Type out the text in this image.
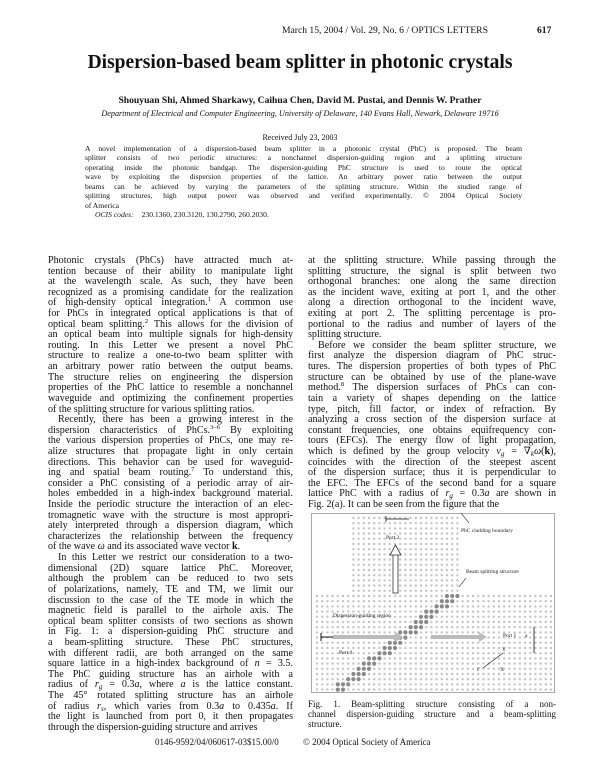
March 15, 2004 / Vol. 29, No. 6 / OPTICS LETTERS	617
Dispersion-based beam splitter in photonic crystals
Shouyuan Shi, Ahmed Sharkawy, Caihua Chen, David M. Pustai, and Dennis W. Prather
Department of Electrical and Computer Engineering, University of Delaware, 140 Evans Hall, Newark, Delaware 19716
Received July 23, 2003
A novel implementation of a dispersion-based beam splitter in a photonic crystal (PhC) is proposed. The beam
splitter consists of two periodic structures: a nonchannel dispersion-guiding region and a splitting structure
operating inside the photonic bandgap. The dispersion-guiding PhC structure is used to route the optical
wave by exploiting the dispersion properties of the lattice. An arbitrary power ratio between the output
beams can be achieved by varying the parameters of the splitting structure. Within the studied range of
splitting structures, high output power was observed and verified experimentally. © 2004 Optical Society
of America
OCIS codes: 230.1360, 230.3120, 130.2790, 260.2030.
Photonic crystals (PhCs) have attracted much at-
tention because of their ability to manipulate light
at the wavelength scale. As such, they have been
recognized as a promising candidate for the realization
of high-density optical integration.$^1$ A common use
for PhCs in integrated optical applications is that of
optical beam splitting.$^2$ This allows for the division of
an optical beam into multiple signals for high-density
routing. In this Letter we present a novel PhC
structure to realize a one-to-two beam splitter with
an arbitrary power ratio between the output beams.
The structure relies on engineering the dispersion
properties of the PhC lattice to resemble a nonchannel
waveguide and optimizing the confinement properties
of the splitting structure for various splitting ratios.
Recently, there has been a growing interest in the
dispersion characteristics of PhCs.$^{3-6}$ By exploiting
the various dispersion properties of PhCs, one may re-
alize structures that propagate light in only certain
directions. This behavior can be used for waveguid-
ing and spatial beam routing.$^7$ To understand this,
consider a PhC consisting of a periodic array of air-
holes embedded in a high-index background material.
Inside the periodic structure the interaction of an elec-
tromagnetic wave with the structure is most appropri-
ately interpreted through a dispersion diagram, which
characterizes the relationship between the frequency
of the wave ω and its associated wave vector k.
In this Letter we restrict our consideration to a two-
dimensional (2D) square lattice PhC. Moreover,
although the problem can be reduced to two sets
of polarizations, namely, TE and TM, we limit our
discussion to the case of the TE mode in which the
magnetic field is parallel to the airhole axis. The
optical beam splitter consists of two sections as shown
in Fig. 1: a dispersion-guiding PhC structure and
a beam-splitting structure. These PhC structures,
with different radii, are both arranged on the same
square lattice in a high-index background of n = 3.5.
The PhC guiding structure has an airhole with a
radius of $r_g = 0.3a$, where a is the lattice constant.
The 45° rotated splitting structure has an airhole
of radius $r_s$, which varies from 0.3a to 0.435a. If
the light is launched from port 0, it then propagates
through the dispersion-guiding structure and arrives
at the splitting structure. While passing through the
splitting structure, the signal is split between two
orthogonal branches: one along the same direction
as the incident wave, exiting at port 1, and the other
along a direction orthogonal to the incident wave,
exiting at port 2. The splitting percentage is pro-
portional to the radius and number of layers of the
splitting structure.
Before we consider the beam splitter structure, we
first analyze the dispersion diagram of PhC struc-
tures. The dispersion properties of both types of PhC
structure can be obtained by use of the plane-wave
method.$^8$ The dispersion surfaces of PhCs can con-
tain a variety of shapes depending on the lattice
type, pitch, fill factor, or index of refraction. By
analyzing a cross section of the dispersion surface at
constant frequencies, one obtains equifrequency con-
tours (EFCs). The energy flow of light propagation,
which is defined by the group velocity $v_g = \nabla_k\omega(k)$,
coincides with the direction of the steepest ascent
of the dispersion surface; thus it is perpendicular to
the EFC. The EFCs of the second band for a square
lattice PhC with a radius of $r_g = 0.3a$ are shown in
Fig. 2(a). It can be seen from the figure that the
PhC cladding boundary
Port 2
Beam splitting structure
Dispersion-guiding region
Port 1
Port 0
a
Y
X
Γ
Fig. 1. Beam-splitting structure consisting of a non-
channel dispersion-guiding structure and a beam-splitting
structure.
0146-9592/04/060617-03$15.00/0	© 2004 Optical Society of America
